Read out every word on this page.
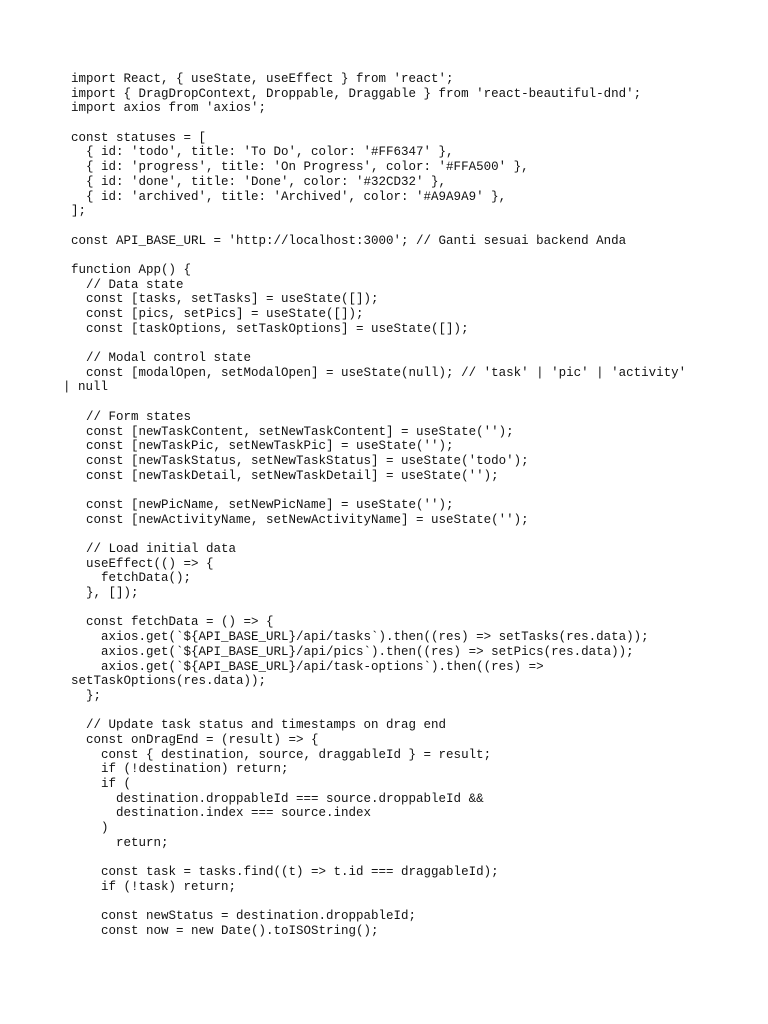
import React, { useState, useEffect } from 'react';
import { DragDropContext, Droppable, Draggable } from 'react-beautiful-dnd';
import axios from 'axios';
const statuses = [
{ id: 'todo', title: 'To Do', color: '#FF6347' },
{ id: 'progress', title: 'On Progress', color: '#FFA500' },
{ id: 'done', title: 'Done', color: '#32CD32' },
{ id: 'archived', title: 'Archived', color: '#A9A9A9' },
];
const API_BASE_URL = 'http://localhost:3000'; // Ganti sesuai backend Anda
function App() {
// Data state
const [tasks, setTasks] = useState([]);
const [pics, setPics] = useState([]);
const [taskOptions, setTaskOptions] = useState([]);
// Modal control state
const [modalOpen, setModalOpen] = useState(null); // 'task' | 'pic' | 'activity'
| null
// Form states
const [newTaskContent, setNewTaskContent] = useState('');
const [newTaskPic, setNewTaskPic] = useState('');
const [newTaskStatus, setNewTaskStatus] = useState('todo');
const [newTaskDetail, setNewTaskDetail] = useState('');
const [newPicName, setNewPicName] = useState('');
const [newActivityName, setNewActivityName] = useState('');
// Load initial data
useEffect(() => {
fetchData();
}, []);
const fetchData = () => {
axios.get(`${API_BASE_URL}/api/tasks`).then((res) => setTasks(res.data));
axios.get(`${API_BASE_URL}/api/pics`).then((res) => setPics(res.data));
axios.get(`${API_BASE_URL}/api/task-options`).then((res) =>
setTaskOptions(res.data));
};
// Update task status and timestamps on drag end
const onDragEnd = (result) => {
const { destination, source, draggableId } = result;
if (!destination) return;
if (
destination.droppableId === source.droppableId &&
destination.index === source.index
)
return;
const task = tasks.find((t) => t.id === draggableId);
if (!task) return;
const newStatus = destination.droppableId;
const now = new Date().toISOString();
